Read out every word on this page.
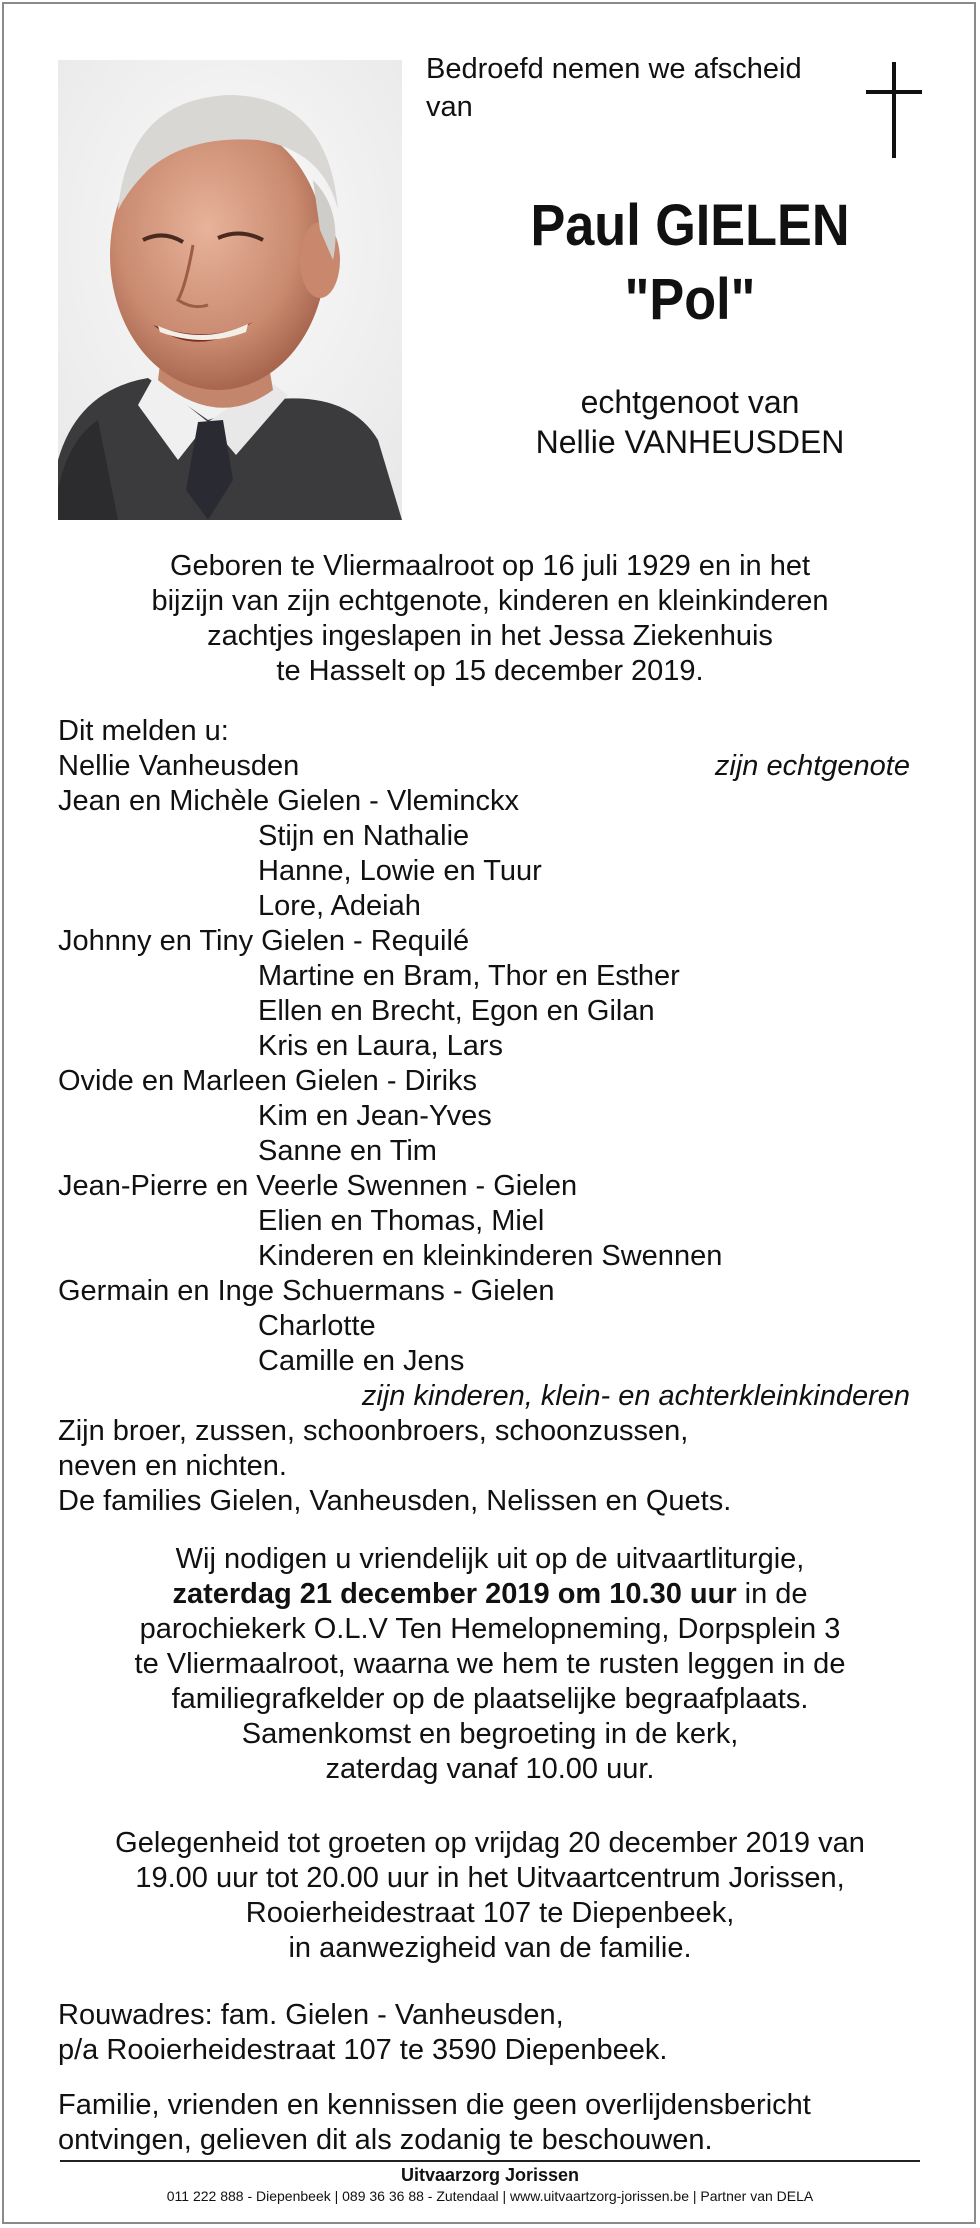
Bedroefd nemen we afscheid
van
Paul GIELEN
"Pol"
echtgenoot van
Nellie VANHEUSDEN
Geboren te Vliermaalroot op 16 juli 1929 en in het
bijzijn van zijn echtgenote, kinderen en kleinkinderen
zachtjes ingeslapen in het Jessa Ziekenhuis
te Hasselt op 15 december 2019.
Dit melden u:
Nellie Vanheusden	zijn echtgenote
Jean en Michèle Gielen - Vleminckx
Stijn en Nathalie
Hanne, Lowie en Tuur
Lore, Adeiah
Johnny en Tiny Gielen - Requilé
Martine en Bram, Thor en Esther
Ellen en Brecht, Egon en Gilan
Kris en Laura, Lars
Ovide en Marleen Gielen - Diriks
Kim en Jean-Yves
Sanne en Tim
Jean-Pierre en Veerle Swennen - Gielen
Elien en Thomas, Miel
Kinderen en kleinkinderen Swennen
Germain en Inge Schuermans - Gielen
Charlotte
Camille en Jens
zijn kinderen, klein- en achterkleinkinderen
Zijn broer, zussen, schoonbroers, schoonzussen,
neven en nichten.
De families Gielen, Vanheusden, Nelissen en Quets.
Wij nodigen u vriendelijk uit op de uitvaartliturgie,
zaterdag 21 december 2019 om 10.30 uur in de
parochiekerk O.L.V Ten Hemelopneming, Dorpsplein 3
te Vliermaalroot, waarna we hem te rusten leggen in de
familiegrafkelder op de plaatselijke begraafplaats.
Samenkomst en begroeting in de kerk,
zaterdag vanaf 10.00 uur.
Gelegenheid tot groeten op vrijdag 20 december 2019 van
19.00 uur tot 20.00 uur in het Uitvaartcentrum Jorissen,
Rooierheidestraat 107 te Diepenbeek,
in aanwezigheid van de familie.
Rouwadres: fam. Gielen - Vanheusden,
p/a Rooierheidestraat 107 te 3590 Diepenbeek.
Familie, vrienden en kennissen die geen overlijdensbericht
ontvingen, gelieven dit als zodanig te beschouwen.
Uitvaarzorg Jorissen
011 222 888 - Diepenbeek | 089 36 36 88 - Zutendaal | www.uitvaartzorg-jorissen.be | Partner van DELA
